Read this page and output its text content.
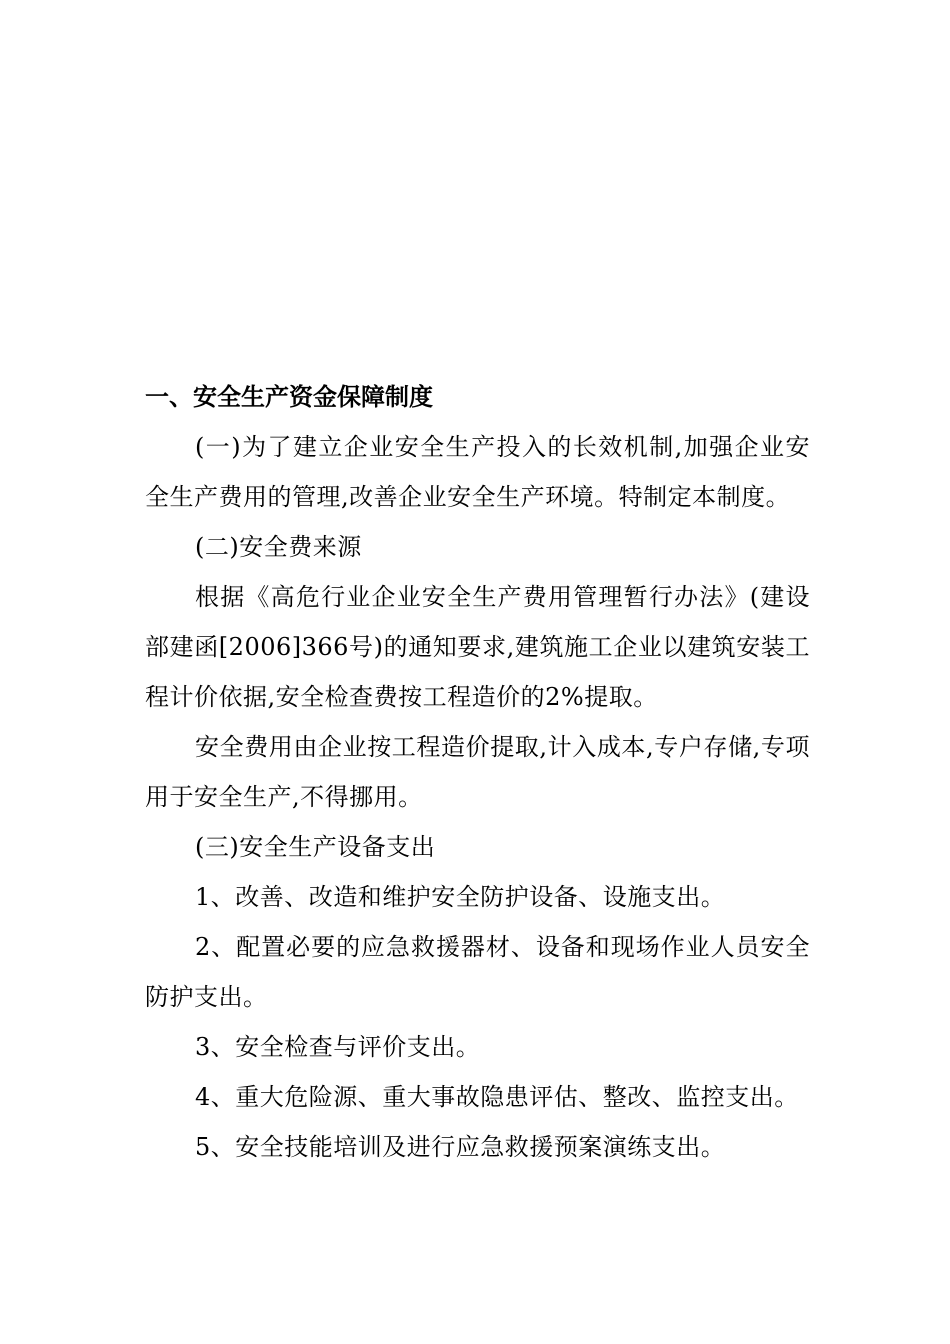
一、安全生产资金保障制度

(一)为了建立企业安全生产投入的长效机制,加强企业安全生产费用的管理,改善企业安全生产环境。特制定本制度。

(二)安全费来源

根据《高危行业企业安全生产费用管理暂行办法》(建设部建函[2006]366号)的通知要求,建筑施工企业以建筑安装工程计价依据,安全检查费按工程造价的2%提取。

安全费用由企业按工程造价提取,计入成本,专户存储,专项用于安全生产,不得挪用。

(三)安全生产设备支出

1、改善、改造和维护安全防护设备、设施支出。

2、配置必要的应急救援器材、设备和现场作业人员安全防护支出。

3、安全检查与评价支出。

4、重大危险源、重大事故隐患评估、整改、监控支出。

5、安全技能培训及进行应急救援预案演练支出。
